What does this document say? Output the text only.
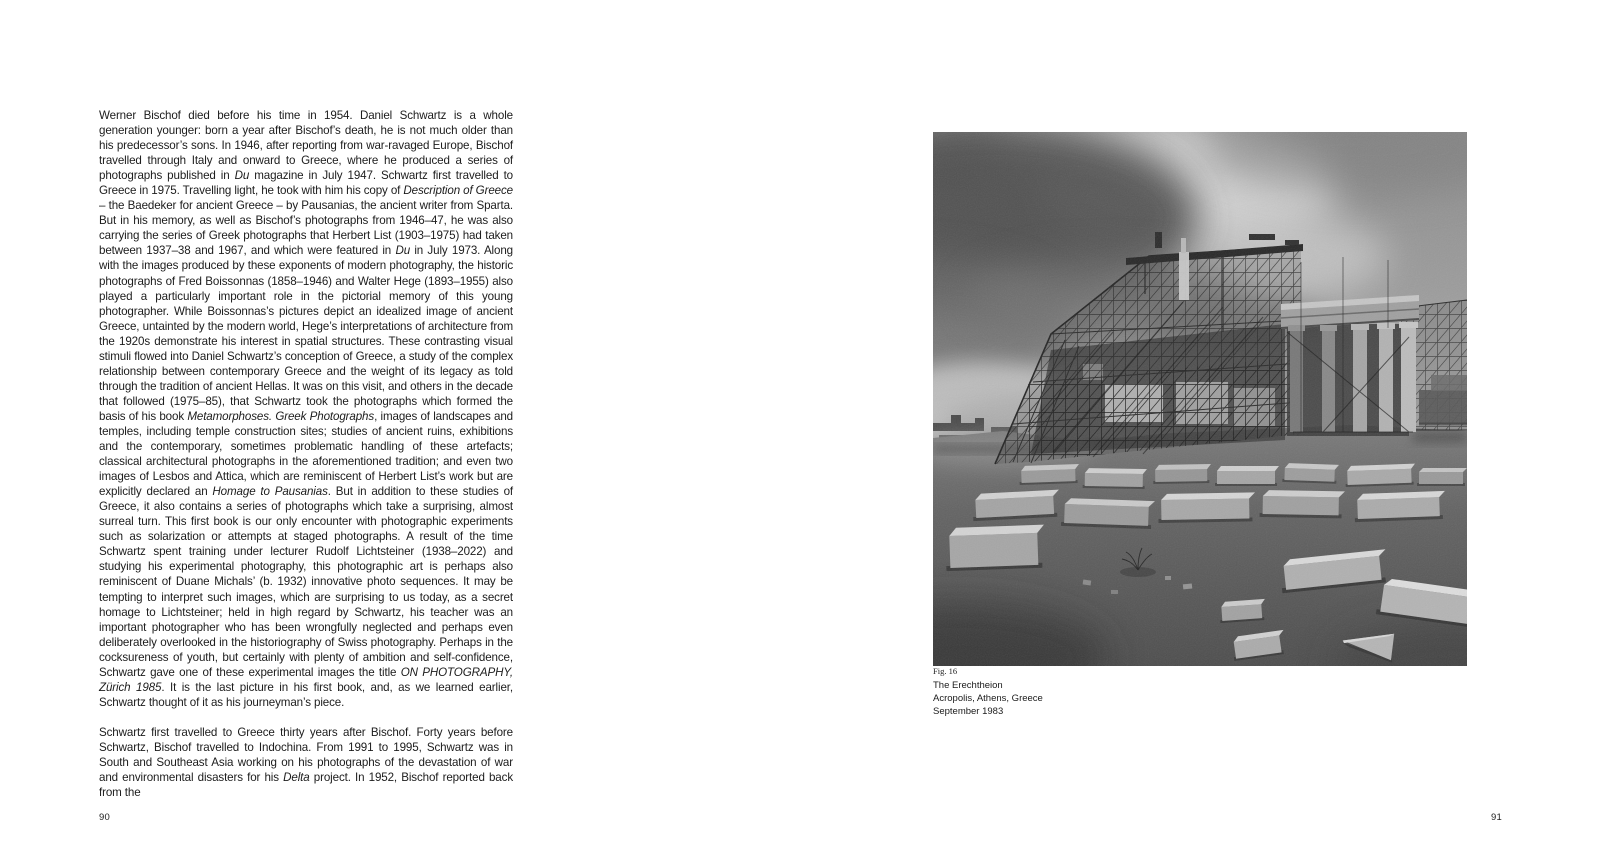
Werner Bischof died before his time in 1954. Daniel Schwartz is a whole generation younger: born a year after Bischof’s death, he is not much older than his predecessor’s sons. In 1946, after reporting from war-ravaged Europe, Bischof travelled through Italy and onward to Greece, where he produced a series of photographs published in Du magazine in July 1947. Schwartz first travelled to Greece in 1975. Travelling light, he took with him his copy of Description of Greece – the Baedeker for ancient Greece – by Pausanias, the ancient writer from Sparta. But in his memory, as well as Bischof’s photographs from 1946–47, he was also carrying the series of Greek photographs that Herbert List (1903–1975) had taken between 1937–38 and 1967, and which were featured in Du in July 1973. Along with the images produced by these exponents of modern photography, the historic photographs of Fred Boissonnas (1858–1946) and Walter Hege (1893–1955) also played a particularly important role in the pictorial memory of this young photographer. While Boissonnas’s pictures depict an idealized image of ancient Greece, untainted by the modern world, Hege’s interpretations of architecture from the 1920s demonstrate his interest in spatial structures. These contrasting visual stimuli flowed into Daniel Schwartz’s conception of Greece, a study of the complex relationship between contemporary Greece and the weight of its legacy as told through the tradition of ancient Hellas. It was on this visit, and others in the decade that followed (1975–85), that Schwartz took the photographs which formed the basis of his book Metamorphoses. Greek Photographs, images of landscapes and temples, including temple construction sites; studies of ancient ruins, exhibitions and the contemporary, sometimes problematic handling of these artefacts; classical architectural photographs in the aforementioned tradition; and even two images of Lesbos and Attica, which are reminiscent of Herbert List’s work but are explicitly declared an Homage to Pausanias. But in addition to these studies of Greece, it also contains a series of photographs which take a surprising, almost surreal turn. This first book is our only encounter with photographic experiments such as solarization or attempts at staged photographs. A result of the time Schwartz spent training under lecturer Rudolf Lichtsteiner (1938–2022) and studying his experimental photography, this photographic art is perhaps also reminiscent of Duane Michals’ (b. 1932) innovative photo sequences. It may be tempting to interpret such images, which are surprising to us today, as a secret homage to Lichtsteiner; held in high regard by Schwartz, his teacher was an important photographer who has been wrongfully neglected and perhaps even deliberately overlooked in the historiography of Swiss photography. Perhaps in the cocksureness of youth, but certainly with plenty of ambition and self-confidence, Schwartz gave one of these experimental images the title ON PHOTOGRAPHY, Zürich 1985. It is the last picture in his first book, and, as we learned earlier, Schwartz thought of it as his journeyman’s piece.

Schwartz first travelled to Greece thirty years after Bischof. Forty years before Schwartz, Bischof travelled to Indochina. From 1991 to 1995, Schwartz was in South and Southeast Asia working on his photographs of the devastation of war and environmental disasters for his Delta project. In 1952, Bischof reported back from the

90
Fig. 16
The Erechtheion
Acropolis, Athens, Greece
September 1983
91
